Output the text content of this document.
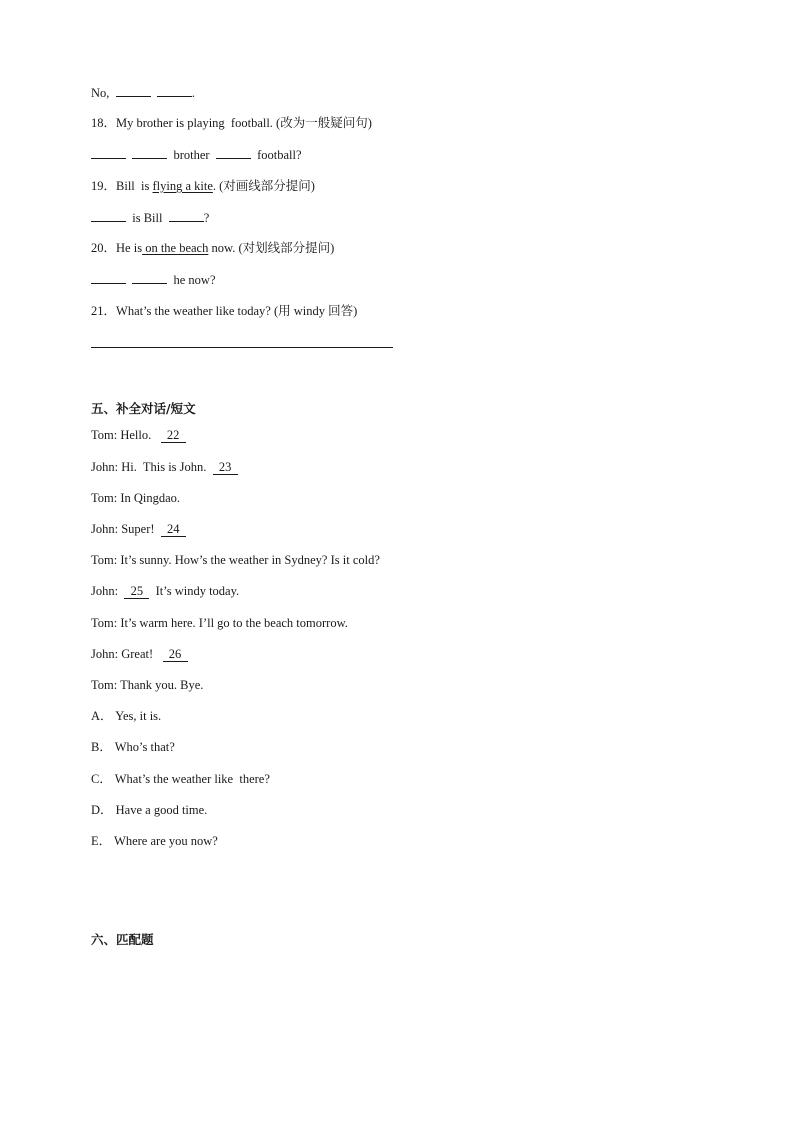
No,	.
18．My brother is playing  football. (改为一般疑问句)
brother	football?
19．Bill  is flying a kite. (对画线部分提问)
is Bill	?
20．He is on the beach now. (对划线部分提问)
he now?
21．What’s the weather like today? (用 windy 回答)
五、补全对话/短文
Tom: Hello.     22
John: Hi.  This is John.    23
Tom: In Qingdao.
John: Super!    24
Tom: It’s sunny. How’s the weather in Sydney? Is it cold?
John:    25    It’s windy today.
Tom: It’s warm here. I’ll go to the beach tomorrow.
John: Great!     26
Tom: Thank you. Bye.
A． Yes, it is.
B． Who’s that?
C． What’s the weather like  there?
D． Have a good time.
E． Where are you now?
六、匹配题
